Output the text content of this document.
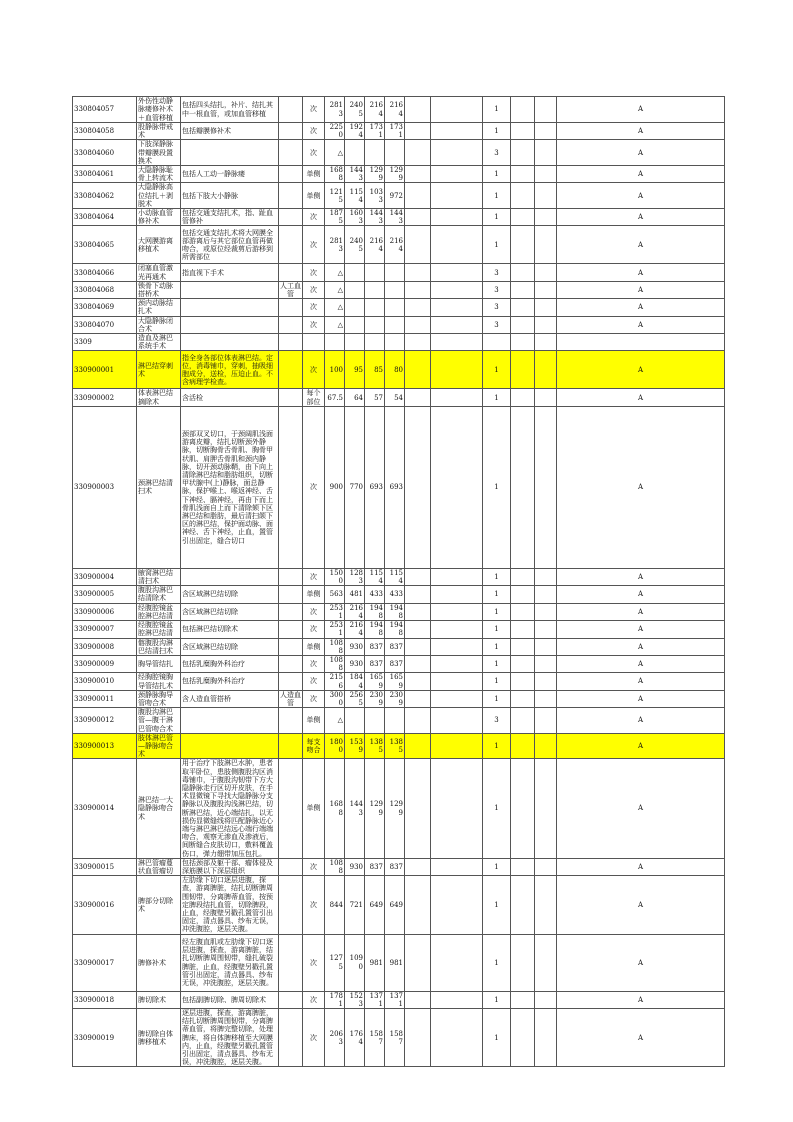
330804057	外伤性动静脉瘘修补术＋血管移植	包括四头结扎，补片、结扎其中一根血管，或加血管移植		次	2813	2405	2164	2164			1			A
330804058	股静脉带戒术	包括瓣膜修补术		次	2250	1924	1731	1731			1			A
330804060	下肢深静脉带瓣膜段置换术			次	△						3			A
330804061	大隐静脉耻骨上转流术	包括人工动一静脉瘘		单侧	1688	1443	1299	1299			1			A
330804062	大隐静脉高位结扎＋剥脱术	包括下肢大小静脉		单侧	1215	1154	1033	972			1			A
330804064	小动脉血管修补术	包括交通支结扎术，指、趾血管修补		次	1875	1603	1443	1443			1			A
330804065	大网膜游离移植术	包括交通支结扎术将大网膜全部游离后与其它部位血管再做吻合，或原位经裁剪后游移到所需部位		次	2813	2405	2164	2164			1			A
330804066	闭塞血管激光再通术	指直视下手术		次	△						3			A
330804068	锁骨下动脉搭桥术		人工血管	次	△						3			A
330804069	颈内动脉结扎术			次	△						3			A
330804070	大隐静脉闭合术			次	△						3			A
3309	造血及淋巴系统手术													
330900001	淋巴结穿刺术	指全身各部位体表淋巴结。定位，消毒铺巾，穿刺，抽吸细胞成分，送检，压迫止血。不含病理学检查。		次	100	95	85	80			1			A
330900002	体表淋巴结摘除术	含活检		每个部位	67.5	64	57	54			1			A
330900003	颈淋巴结清扫术	颈部双叉切口，于颈阔肌浅面游离皮瓣，结扎切断颈外静脉，切断胸骨舌骨肌、胸骨甲状肌、肩胛舌骨肌和颈内静脉，切开颈动脉鞘，由下向上清除淋巴结和脂肪组织，切断甲状腺中(上)静脉，面总静脉，保护喉上、喉返神经、舌下神经、膈神经，再由下而上骨肌浅面自上而下清除颏下区淋巴结和脂肪，最后清扫颌下区的淋巴结，保护面动脉、面神经、舌下神经，止血，置管引出固定，缝合切口		次	900	770	693	693			1			A
330900004	腋窝淋巴结清扫术			次	1500	1283	1154	1154			1			A
330900005	腹股沟淋巴结清除术	含区域淋巴结切除		单侧	563	481	433	433			1			A
330900006	经腹腔镜盆腔淋巴结清	含区域淋巴结切除		次	2531	2164	1948	1948			1			A
330900007	经腹腔镜盆腔淋巴结清	包括淋巴结切除术		次	2531	2164	1948	1948			1			A
330900008	髂腹股沟淋巴结清扫术	含区域淋巴结切除		单侧	1088	930	837	837			1			A
330900009	胸导管结扎	包括乳糜胸外科治疗		次	1088	930	837	837			1			A
330900010	经胸腔镜胸导管结扎术	包括乳糜胸外科治疗		次	2156	1844	1659	1659			1			A
330900011	颈静脉胸导管吻合术	含人造血管搭桥	人造血管	次	3000	2565	2309	2309			1			A
330900012	腹股沟淋巴管—腹干淋巴管吻合术			单侧	△						3			A
330900013	肢体淋巴管—静脉吻合术			每支吻合	1800	1539	1385	1385			1			A
330900014	淋巴结一大隐静脉吻合术	用于治疗下肢淋巴水肿，患者取平卧位，患肢侧腹股沟区消毒铺巾，于腹股沟韧带下方大隐静脉走行区切开皮肤，在手术显微镜下寻找大隐静脉分支静脉以及腹股沟浅淋巴结，切断淋巴结，近心端结扎，以无损伤显微缝线将匹配静脉近心端与淋巴淋巴结远心端行端端吻合，观察无渗血及渗液后，间断缝合皮肤切口，敷料覆盖伤口，弹力绷带加压包扎。		单侧	1688	1443	1299	1299			1			A
330900015	淋巴管瘤蔓状血管瘤切	包括颈部及躯干部、瘤体侵及深筋膜以下深层组织		次	1088	930	837	837			1			A
330900016	脾部分切除术	左肋缘下切口逐层进腹，探查，游离脾脏，结扎切断脾周围韧带，分离脾蒂血管，按预定脾段结扎血管，切除脾段，止血，经腹壁另戳孔置管引出固定，清点器具、纱布无误，冲洗腹腔，逐层关腹。		次	844	721	649	649			1			A
330900017	脾修补术	经左腹直肌或左肋缘下切口逐层进腹，探查，游离脾脏，结扎切断脾周围韧带，缝扎破裂脾脏，止血，经腹壁另戳孔置管引出固定，清点器具、纱布无误，冲洗腹腔，逐层关腹。		次	1275	1090	981	981			1			A
330900018	脾切除术	包括副脾切除、脾周切除术		次	1781	1523	1371	1371			1			A
330900019	脾切除自体脾移植术	逐层进腹，探查，游离脾脏，结扎切断脾周围韧带，分离脾蒂血管，将脾完整切除，处理脾床，将自体脾移植至大网膜内，止血，经腹壁另戳孔置管引出固定，清点器具、纱布无误，冲洗腹腔，逐层关腹。		次	2063	1764	1587	1587			1			A
